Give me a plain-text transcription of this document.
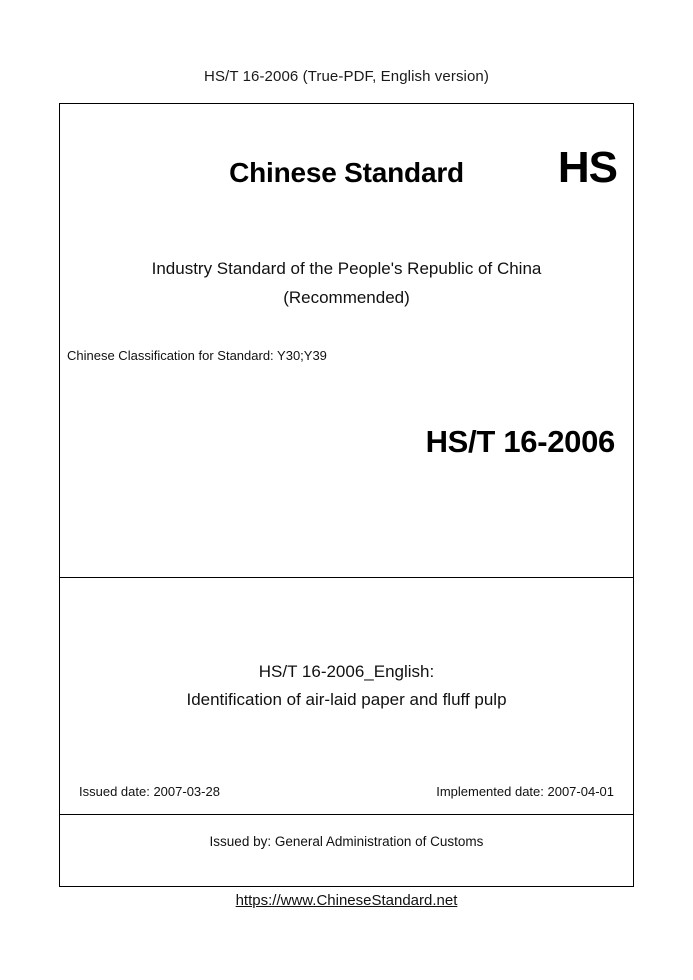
HS/T 16-2006 (True-PDF, English version)
Chinese Standard	HS
Industry Standard of the People's Republic of China
(Recommended)
Chinese Classification for Standard: Y30;Y39
HS/T 16-2006
HS/T 16-2006_English:
Identification of air-laid paper and fluff pulp
Issued date: 2007-03-28	Implemented date: 2007-04-01
Issued by: General Administration of Customs
https://www.ChineseStandard.net
